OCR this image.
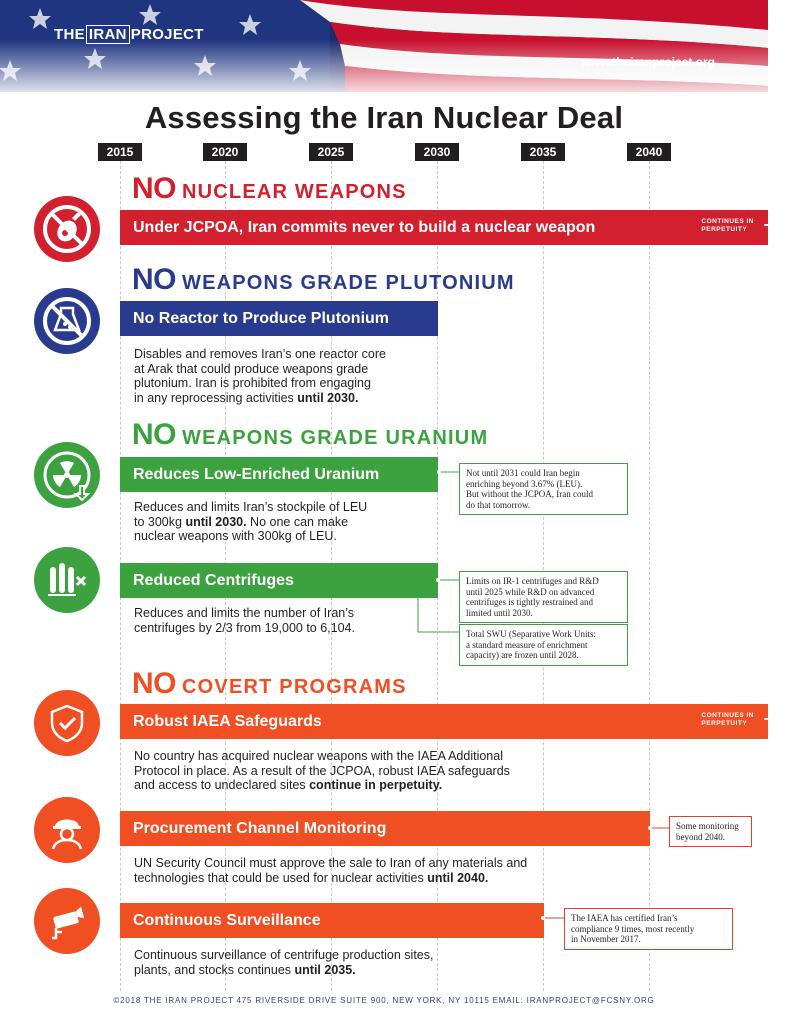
THE IRAN PROJECT
www.theiranproject.org
Assessing the Iran Nuclear Deal
2015	2020	2025	2030	2035	2040
NO NUCLEAR WEAPONS
Under JCPOA, Iran commits never to build a nuclear weapon	CONTINUES IN
PERPETUITY	⟶
NO WEAPONS GRADE PLUTONIUM
No Reactor to Produce Plutonium
Disables and removes Iran’s one reactor core
at Arak that could produce weapons grade
plutonium. Iran is prohibited from engaging
in any reprocessing activities until 2030.
NO WEAPONS GRADE URANIUM
Reduces Low-Enriched Uranium	Not until 2031 could Iran begin
enriching beyond 3.67% (LEU).
But without the JCPOA, Iran could
do that tomorrow.
Reduces and limits Iran’s stockpile of LEU
to 300kg until 2030. No one can make
nuclear weapons with 300kg of LEU.
Reduced Centrifuges	Limits on IR-1 centrifuges and R&D
until 2025 while R&D on advanced
centrifuges is tightly restrained and
limited until 2030.
Reduces and limits the number of Iran’s
centrifuges by 2/3 from 19,000 to 6,104.	Total SWU (Separative Work Units:
a standard measure of enrichment
capacity) are frozen until 2028.
NO COVERT PROGRAMS
Robust IAEA Safeguards	CONTINUES IN
PERPETUITY	⟶
No country has acquired nuclear weapons with the IAEA Additional
Protocol in place. As a result of the JCPOA, robust IAEA safeguards
and access to undeclared sites continue in perpetuity.
Procurement Channel Monitoring	Some monitoring
beyond 2040.
UN Security Council must approve the sale to Iran of any materials and
technologies that could be used for nuclear activities until 2040.
Continuous Surveillance	The IAEA has certified Iran’s
compliance 9 times, most recently
in November 2017.
Continuous surveillance of centrifuge production sites,
plants, and stocks continues until 2035.
©2018 THE IRAN PROJECT 475 RIVERSIDE DRIVE SUITE 900, NEW YORK, NY 10115 EMAIL: IRANPROJECT@FCSNY.ORG
